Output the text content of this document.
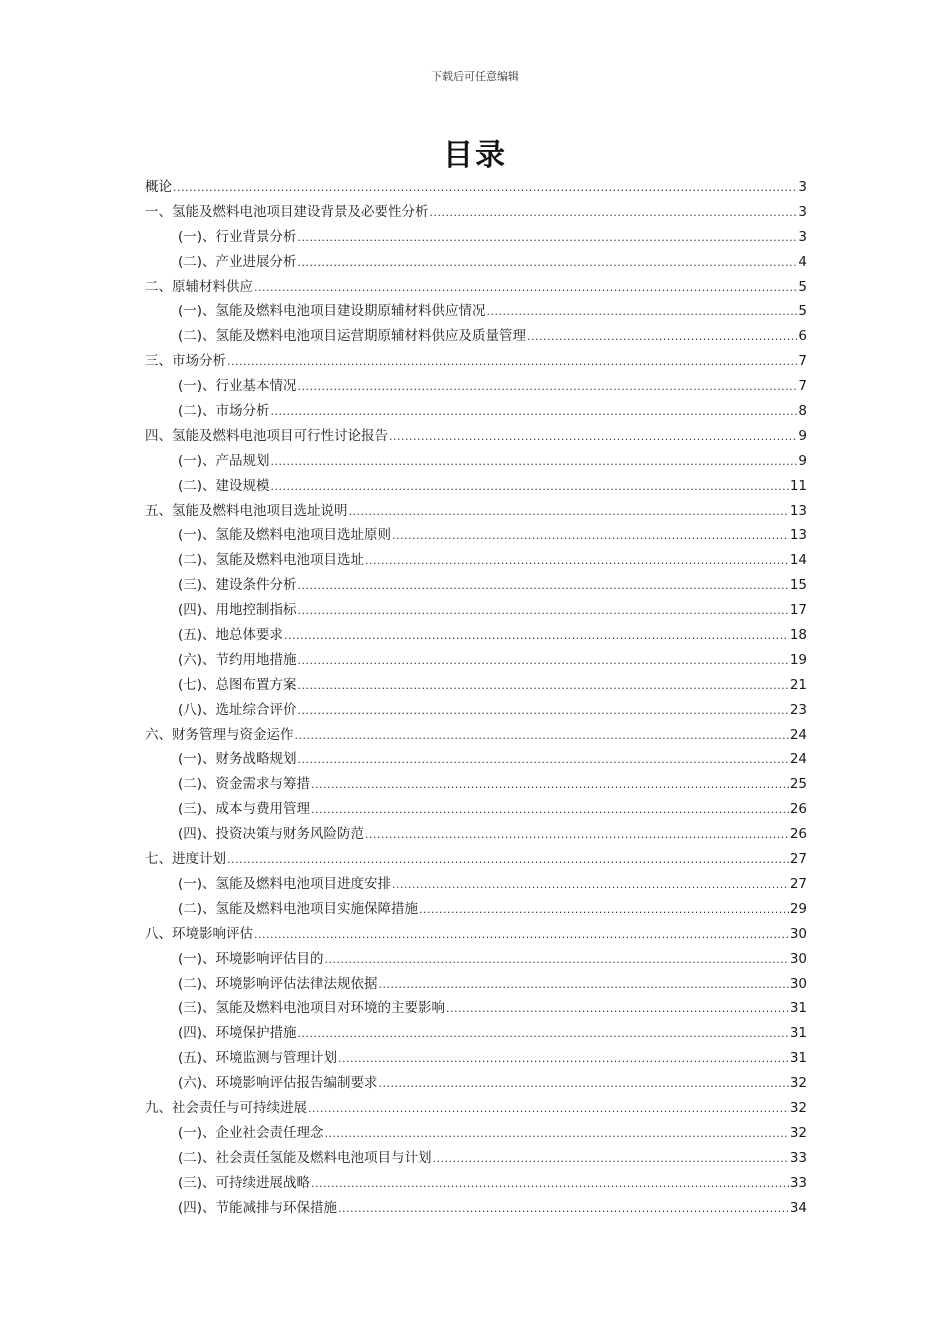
下载后可任意编辑
目录
概论 .....	3
一、氢能及燃料电池项目建设背景及必要性分析 .....	3
(一)、行业背景分析 .....	3
(二)、产业进展分析 .....	4
二、原辅材料供应 .....	5
(一)、氢能及燃料电池项目建设期原辅材料供应情况 .....	5
(二)、氢能及燃料电池项目运营期原辅材料供应及质量管理 .....	6
三、市场分析 .....	7
(一)、行业基本情况 .....	7
(二)、市场分析 .....	8
四、氢能及燃料电池项目可行性讨论报告 .....	9
(一)、产品规划 .....	9
(二)、建设规模 .....	11
五、氢能及燃料电池项目选址说明 .....	13
(一)、氢能及燃料电池项目选址原则 .....	13
(二)、氢能及燃料电池项目选址 .....	14
(三)、建设条件分析 .....	15
(四)、用地控制指标 .....	17
(五)、地总体要求 .....	18
(六)、节约用地措施 .....	19
(七)、总图布置方案 .....	21
(八)、选址综合评价 .....	23
六、财务管理与资金运作 .....	24
(一)、财务战略规划 .....	24
(二)、资金需求与筹措 .....	25
(三)、成本与费用管理 .....	26
(四)、投资决策与财务风险防范 .....	26
七、进度计划 .....	27
(一)、氢能及燃料电池项目进度安排 .....	27
(二)、氢能及燃料电池项目实施保障措施 .....	29
八、环境影响评估 .....	30
(一)、环境影响评估目的 .....	30
(二)、环境影响评估法律法规依据 .....	30
(三)、氢能及燃料电池项目对环境的主要影响 .....	31
(四)、环境保护措施 .....	31
(五)、环境监测与管理计划 .....	31
(六)、环境影响评估报告编制要求 .....	32
九、社会责任与可持续进展 .....	32
(一)、企业社会责任理念 .....	32
(二)、社会责任氢能及燃料电池项目与计划 .....	33
(三)、可持续进展战略 .....	33
(四)、节能减排与环保措施 .....	34
